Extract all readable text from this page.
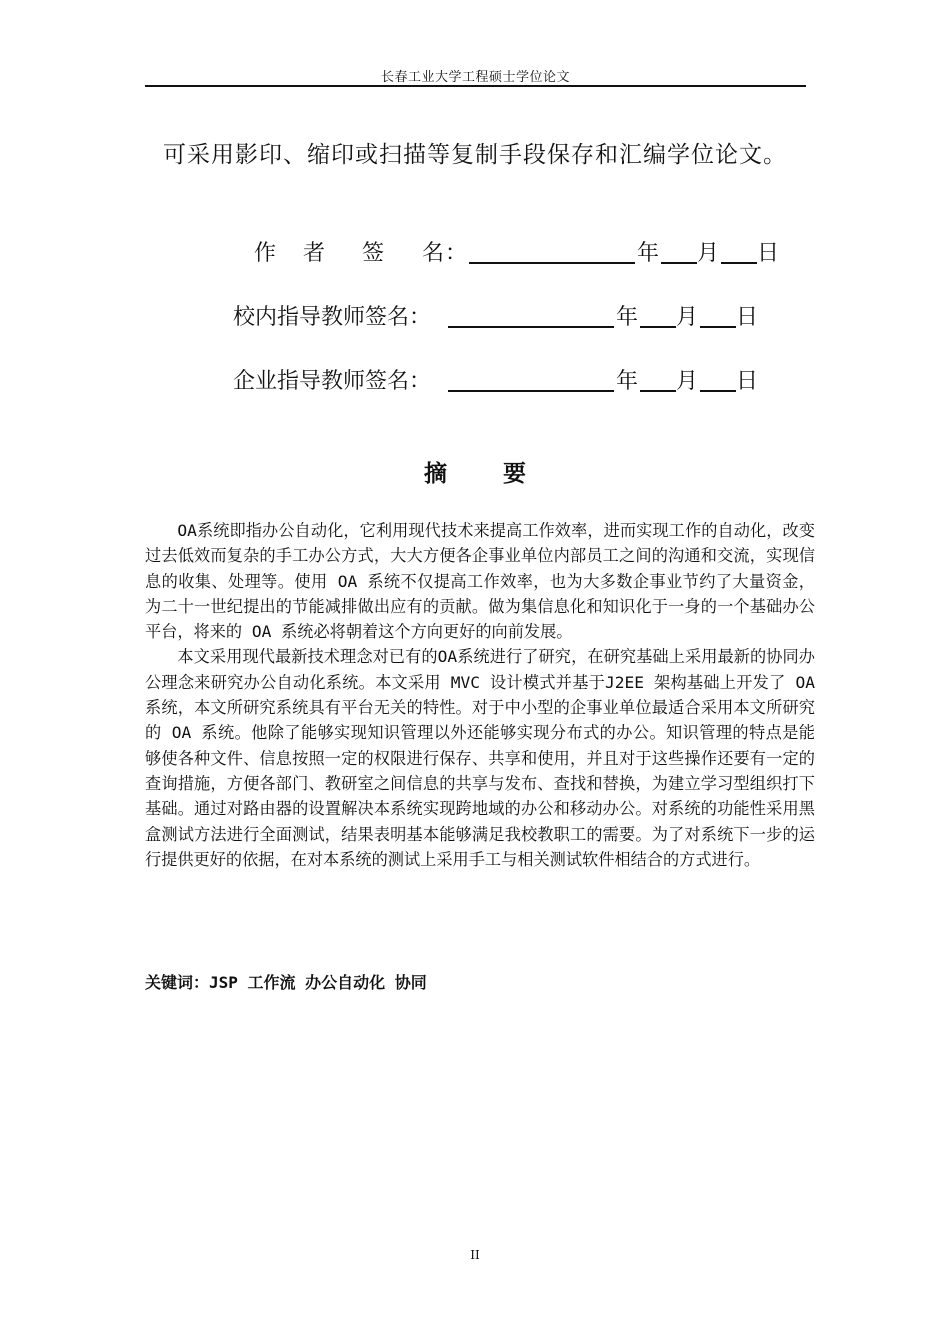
长春工业大学工程硕士学位论文
可采用影印、缩印或扫描等复制手段保存和汇编学位论文。
作 者 签 名 ：	年 月 日
校内指导教师签名：	年 月 日
企业指导教师签名：	年 月 日
摘 要

OA系统即指办公自动化，它利用现代技术来提高工作效率，进而实现工作的自动化，改变过去低效而复杂的手工办公方式，大大方便各企事业单位内部员工之间的沟通和交流，实现信息的收集、处理等。使用 OA 系统不仅提高工作效率，也为大多数企事业节约了大量资金，为二十一世纪提出的节能减排做出应有的贡献。做为集信息化和知识化于一身的一个基础办公平台，将来的 OA 系统必将朝着这个方向更好的向前发展。

本文采用现代最新技术理念对已有的OA系统进行了研究，在研究基础上采用最新的协同办公理念来研究办公自动化系统。本文采用 MVC 设计模式并基于J2EE 架构基础上开发了 OA 系统，本文所研究系统具有平台无关的特性。对于中小型的企事业单位最适合采用本文所研究的 OA 系统。他除了能够实现知识管理以外还能够实现分布式的办公。知识管理的特点是能够使各种文件、信息按照一定的权限进行保存、共享和使用，并且对于这些操作还要有一定的查询措施，方便各部门、教研室之间信息的共享与发布、查找和替换，为建立学习型组织打下基础。通过对路由器的设置解决本系统实现跨地域的办公和移动办公。对系统的功能性采用黑盒测试方法进行全面测试，结果表明基本能够满足我校教职工的需要。为了对系统下一步的运行提供更好的依据，在对本系统的测试上采用手工与相关测试软件相结合的方式进行。

关键词：JSP 工作流 办公自动化 协同
II
